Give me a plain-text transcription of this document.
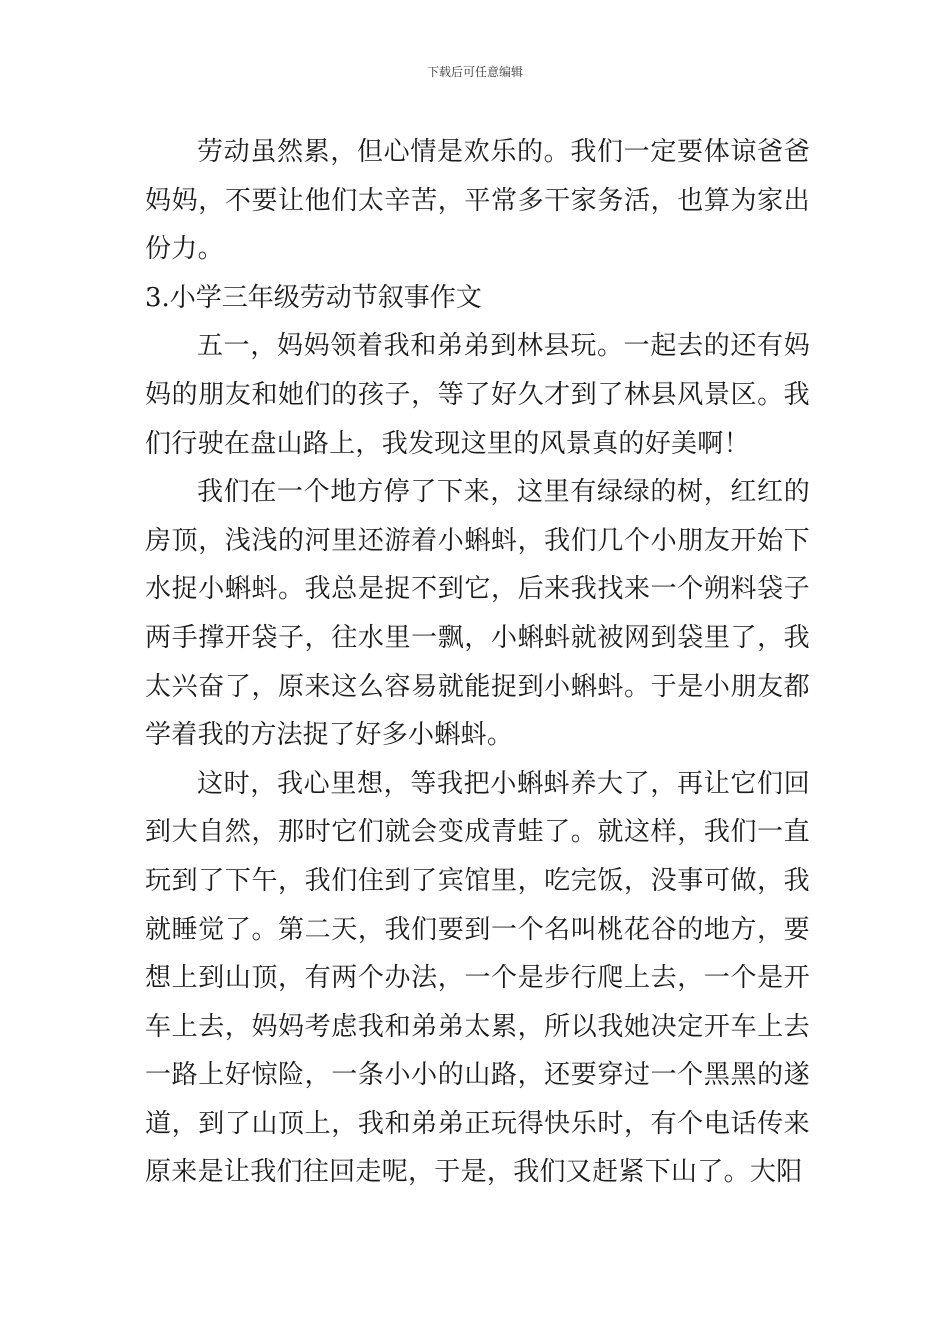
下载后可任意编辑

劳动虽然累，但心情是欢乐的。我们一定要体谅爸爸妈妈，不要让他们太辛苦，平常多干家务活，也算为家出份力。

3.小学三年级劳动节叙事作文

五一，妈妈领着我和弟弟到林县玩。一起去的还有妈妈的朋友和她们的孩子，等了好久才到了林县风景区。我们行驶在盘山路上，我发现这里的风景真的好美啊！

我们在一个地方停了下来，这里有绿绿的树，红红的房顶，浅浅的河里还游着小蝌蚪，我们几个小朋友开始下水捉小蝌蚪。我总是捉不到它，后来我找来一个朔料袋子两手撑开袋子，往水里一飘，小蝌蚪就被网到袋里了，我太兴奋了，原来这么容易就能捉到小蝌蚪。于是小朋友都学着我的方法捉了好多小蝌蚪。

这时，我心里想，等我把小蝌蚪养大了，再让它们回到大自然，那时它们就会变成青蛙了。就这样，我们一直玩到了下午，我们住到了宾馆里，吃完饭，没事可做，我就睡觉了。第二天，我们要到一个名叫桃花谷的地方，要想上到山顶，有两个办法，一个是步行爬上去，一个是开车上去，妈妈考虑我和弟弟太累，所以我她决定开车上去一路上好惊险，一条小小的山路，还要穿过一个黑黑的遂道，到了山顶上，我和弟弟正玩得快乐时，有个电话传来原来是让我们往回走呢，于是，我们又赶紧下山了。大阳
